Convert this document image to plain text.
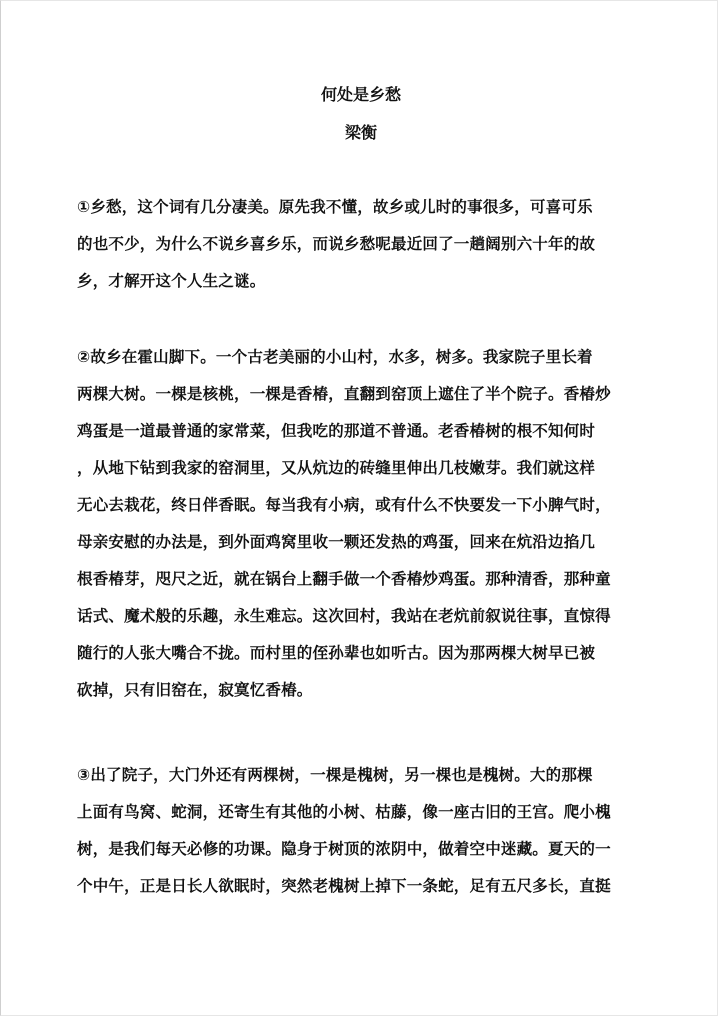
何处是乡愁
梁衡
①乡愁，这个词有几分凄美。原先我不懂，故乡或儿时的事很多，可喜可乐
的也不少，为什么不说乡喜乡乐，而说乡愁呢最近回了一趟阔别六十年的故
乡，才解开这个人生之谜。
②故乡在霍山脚下。一个古老美丽的小山村，水多，树多。我家院子里长着
两棵大树。一棵是核桃，一棵是香椿，直翻到窑顶上遮住了半个院子。香椿炒
鸡蛋是一道最普通的家常菜，但我吃的那道不普通。老香椿树的根不知何时
，从地下钻到我家的窑洞里，又从炕边的砖缝里伸出几枝嫩芽。我们就这样
无心去栽花，终日伴香眠。每当我有小病，或有什么不快要发一下小脾气时，
母亲安慰的办法是，到外面鸡窝里收一颗还发热的鸡蛋，回来在炕沿边掐几
根香椿芽，咫尺之近，就在锅台上翻手做一个香椿炒鸡蛋。那种清香，那种童
话式、魔术般的乐趣，永生难忘。这次回村，我站在老炕前叙说往事，直惊得
随行的人张大嘴合不拢。而村里的侄孙辈也如听古。因为那两棵大树早已被
砍掉，只有旧窑在，寂寞忆香椿。
③出了院子，大门外还有两棵树，一棵是槐树，另一棵也是槐树。大的那棵
上面有鸟窝、蛇洞，还寄生有其他的小树、枯藤，像一座古旧的王宫。爬小槐
树，是我们每天必修的功课。隐身于树顶的浓阴中，做着空中迷藏。夏天的一
个中午，正是日长人欲眠时，突然老槐树上掉下一条蛇，足有五尺多长，直挺
